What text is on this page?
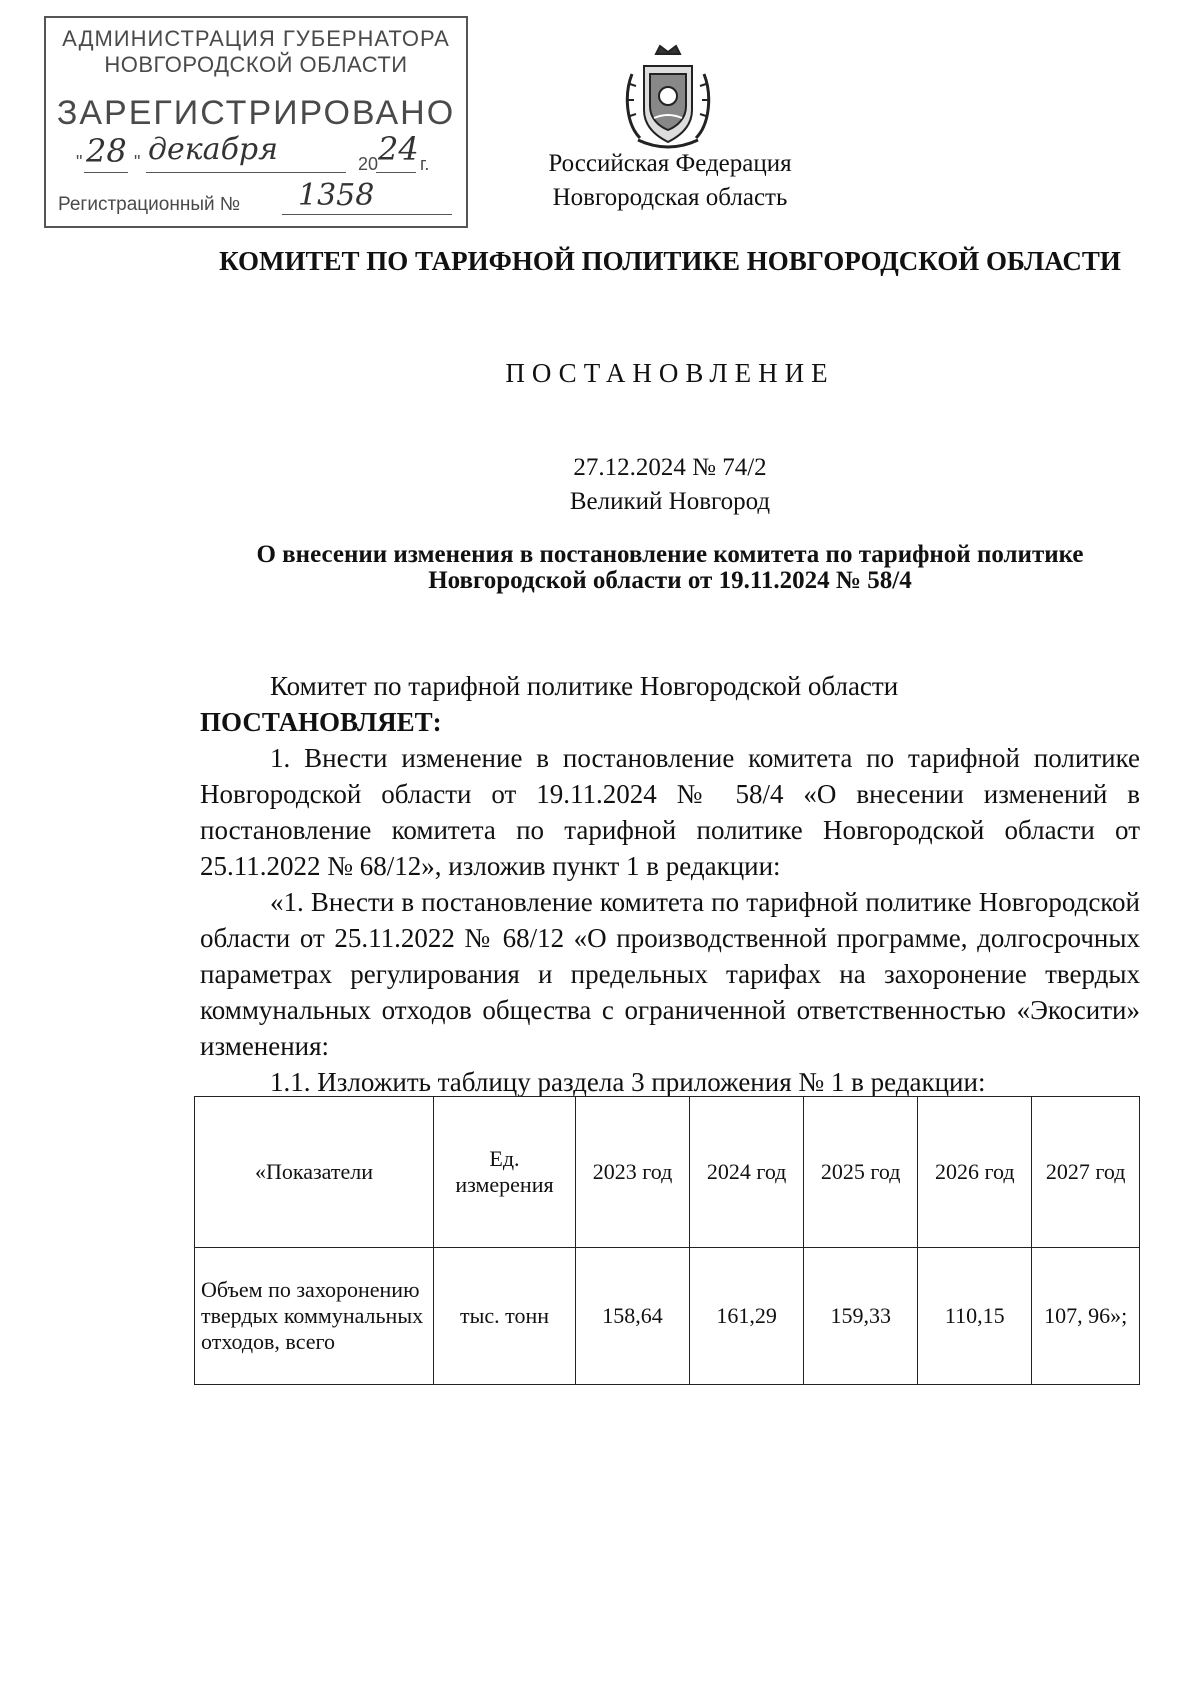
АДМИНИСТРАЦИЯ ГУБЕРНАТОРА
НОВГОРОДСКОЙ ОБЛАСТИ
ЗАРЕГИСТРИРОВАНО
" 28 " декабря	20 24 г.
Регистрационный № 1358
Российская Федерация
Новгородская область
КОМИТЕТ ПО ТАРИФНОЙ ПОЛИТИКЕ НОВГОРОДСКОЙ ОБЛАСТИ
ПОСТАНОВЛЕНИЕ
27.12.2024 № 74/2
Великий Новгород
О внесении изменения в постановление комитета по тарифной политике Новгородской области от 19.11.2024 № 58/4
Комитет по тарифной политике Новгородской области
ПОСТАНОВЛЯЕТ:
1. Внести изменение в постановление комитета по тарифной политике Новгородской области от 19.11.2024 № 58/4 «О внесении изменений в постановление комитета по тарифной политике Новгородской области от 25.11.2022 № 68/12», изложив пункт 1 в редакции:
«1. Внести в постановление комитета по тарифной политике Новгородской области от 25.11.2022 № 68/12 «О производственной программе, долгосрочных параметрах регулирования и предельных тарифах на захоронение твердых коммунальных отходов общества с ограниченной ответственностью «Экосити» изменения:
1.1. Изложить таблицу раздела 3 приложения № 1 в редакции:
«Показатели	Ед. измерения	2023 год	2024 год	2025 год	2026 год	2027 год
Объем по захоронению твердых коммунальных отходов, всего	тыс. тонн	158,64	161,29	159,33	110,15	107, 96»;
